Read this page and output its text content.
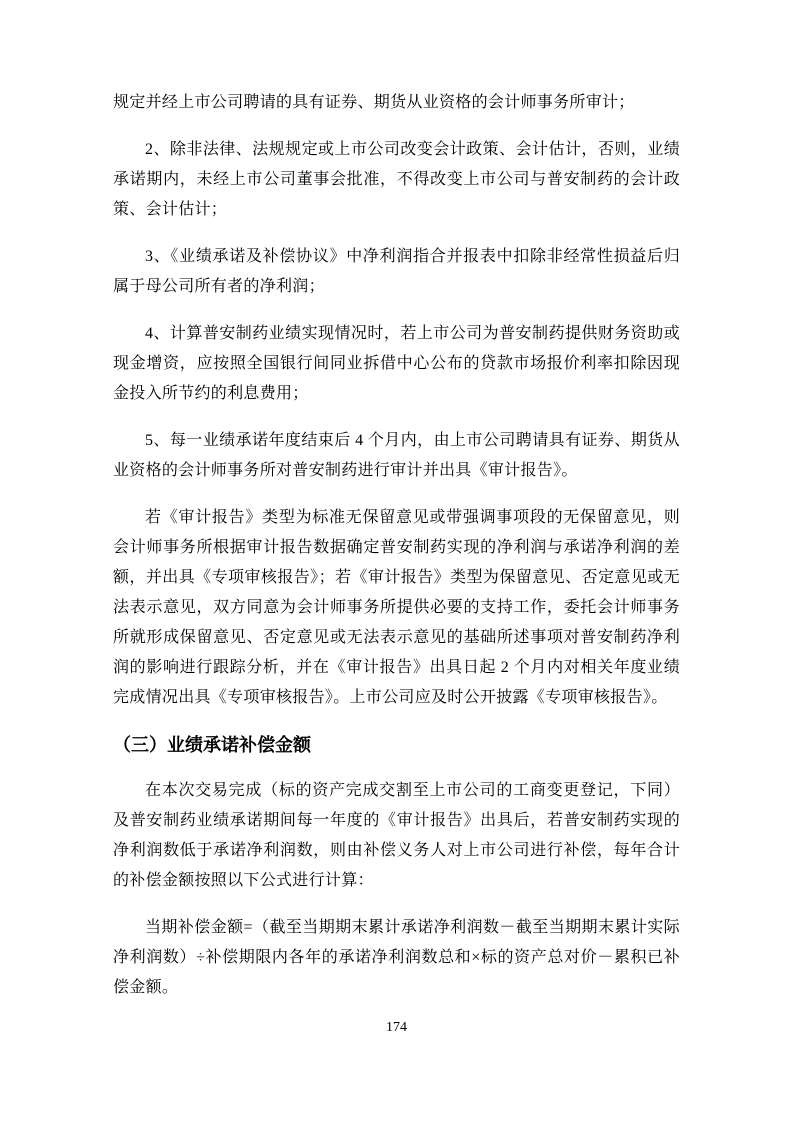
规定并经上市公司聘请的具有证券、期货从业资格的会计师事务所审计；

2、除非法律、法规规定或上市公司改变会计政策、会计估计，否则，业绩承诺期内，未经上市公司董事会批准，不得改变上市公司与普安制药的会计政策、会计估计；

3、《业绩承诺及补偿协议》中净利润指合并报表中扣除非经常性损益后归属于母公司所有者的净利润；

4、计算普安制药业绩实现情况时，若上市公司为普安制药提供财务资助或现金增资，应按照全国银行间同业拆借中心公布的贷款市场报价利率扣除因现金投入所节约的利息费用；

5、每一业绩承诺年度结束后 4 个月内，由上市公司聘请具有证券、期货从业资格的会计师事务所对普安制药进行审计并出具《审计报告》。

若《审计报告》类型为标准无保留意见或带强调事项段的无保留意见，则会计师事务所根据审计报告数据确定普安制药实现的净利润与承诺净利润的差额，并出具《专项审核报告》；若《审计报告》类型为保留意见、否定意见或无法表示意见，双方同意为会计师事务所提供必要的支持工作，委托会计师事务所就形成保留意见、否定意见或无法表示意见的基础所述事项对普安制药净利润的影响进行跟踪分析，并在《审计报告》出具日起 2 个月内对相关年度业绩完成情况出具《专项审核报告》。上市公司应及时公开披露《专项审核报告》。

（三）业绩承诺补偿金额

在本次交易完成（标的资产完成交割至上市公司的工商变更登记，下同）及普安制药业绩承诺期间每一年度的《审计报告》出具后，若普安制药实现的净利润数低于承诺净利润数，则由补偿义务人对上市公司进行补偿，每年合计的补偿金额按照以下公式进行计算：

当期补偿金额=（截至当期期末累计承诺净利润数－截至当期期末累计实际净利润数）÷补偿期限内各年的承诺净利润数总和×标的资产总对价－累积已补偿金额。

174
